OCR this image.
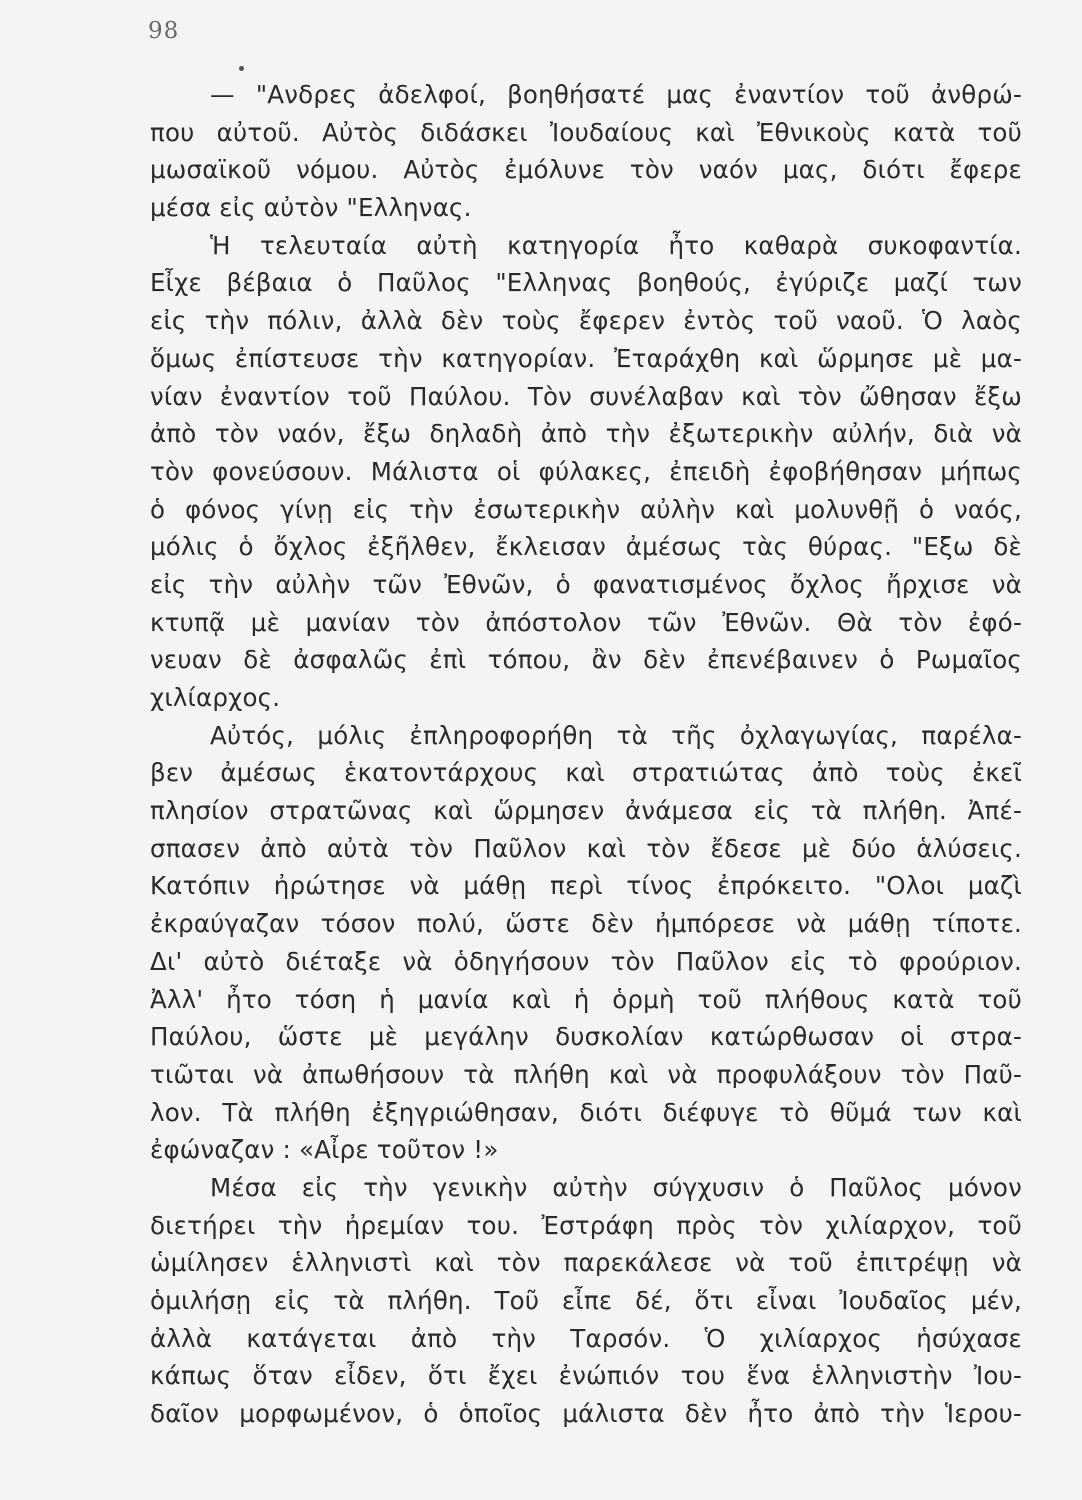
98
— "Ανδρες ἀδελφοί, βοηθήσατέ μας ἐναντίον τοῦ ἀνθρώ-
που αὐτοῦ. Αὐτὸς διδάσκει Ἰουδαίους καὶ Ἐθνικοὺς κατὰ τοῦ
μωσαϊκοῦ νόμου. Αὐτὸς ἐμόλυνε τὸν ναόν μας, διότι ἔφερε
μέσα εἰς αὐτὸν "Ελληνας.
Ἡ τελευταία αὐτὴ κατηγορία ἦτο καθαρὰ συκοφαντία.
Εἶχε βέβαια ὁ Παῦλος "Ελληνας βοηθούς, ἐγύριζε μαζί των
εἰς τὴν πόλιν, ἀλλὰ δὲν τοὺς ἔφερεν ἐντὸς τοῦ ναοῦ. Ὁ λαὸς
ὅμως ἐπίστευσε τὴν κατηγορίαν. Ἐταράχθη καὶ ὥρμησε μὲ μα-
νίαν ἐναντίον τοῦ Παύλου. Τὸν συνέλαβαν καὶ τὸν ὤθησαν ἔξω
ἀπὸ τὸν ναόν, ἔξω δηλαδὴ ἀπὸ τὴν ἐξωτερικὴν αὐλήν, διὰ νὰ
τὸν φονεύσουν. Μάλιστα οἱ φύλακες, ἐπειδὴ ἐφοβήθησαν μήπως
ὁ φόνος γίνῃ εἰς τὴν ἐσωτερικὴν αὐλὴν καὶ μολυνθῇ ὁ ναός,
μόλις ὁ ὄχλος ἐξῆλθεν, ἔκλεισαν ἀμέσως τὰς θύρας. "Εξω δὲ
εἰς τὴν αὐλὴν τῶν Ἐθνῶν, ὁ φανατισμένος ὄχλος ἤρχισε νὰ
κτυπᾷ μὲ μανίαν τὸν ἀπόστολον τῶν Ἐθνῶν. Θὰ τὸν ἐφό-
νευαν δὲ ἀσφαλῶς ἐπὶ τόπου, ἂν δὲν ἐπενέβαινεν ὁ Ρωμαῖος
χιλίαρχος.
Αὐτός, μόλις ἐπληροφορήθη τὰ τῆς ὀχλαγωγίας, παρέλα-
βεν ἀμέσως ἑκατοντάρχους καὶ στρατιώτας ἀπὸ τοὺς ἐκεῖ
πλησίον στρατῶνας καὶ ὥρμησεν ἀνάμεσα εἰς τὰ πλήθη. Ἀπέ-
σπασεν ἀπὸ αὐτὰ τὸν Παῦλον καὶ τὸν ἔδεσε μὲ δύο ἁλύσεις.
Κατόπιν ἠρώτησε νὰ μάθῃ περὶ τίνος ἐπρόκειτο. "Ολοι μαζὶ
ἐκραύγαζαν τόσον πολύ, ὥστε δὲν ἠμπόρεσε νὰ μάθῃ τίποτε.
Δι' αὐτὸ διέταξε νὰ ὁδηγήσουν τὸν Παῦλον εἰς τὸ φρούριον.
Ἀλλ' ἦτο τόση ἡ μανία καὶ ἡ ὁρμὴ τοῦ πλήθους κατὰ τοῦ
Παύλου, ὥστε μὲ μεγάλην δυσκολίαν κατώρθωσαν οἱ στρα-
τιῶται νὰ ἀπωθήσουν τὰ πλήθη καὶ νὰ προφυλάξουν τὸν Παῦ-
λον. Τὰ πλήθη ἐξηγριώθησαν, διότι διέφυγε τὸ θῦμά των καὶ
ἐφώναζαν : «Αἶρε τοῦτον !»
Μέσα εἰς τὴν γενικὴν αὐτὴν σύγχυσιν ὁ Παῦλος μόνον
διετήρει τὴν ἠρεμίαν του. Ἐστράφη πρὸς τὸν χιλίαρχον, τοῦ
ὡμίλησεν ἑλληνιστὶ καὶ τὸν παρεκάλεσε νὰ τοῦ ἐπιτρέψῃ νὰ
ὁμιλήσῃ εἰς τὰ πλήθη. Τοῦ εἶπε δέ, ὅτι εἶναι Ἰουδαῖος μέν,
ἀλλὰ κατάγεται ἀπὸ τὴν Ταρσόν. Ὁ χιλίαρχος ἡσύχασε
κάπως ὅταν εἶδεν, ὅτι ἔχει ἐνώπιόν του ἕνα ἑλληνιστὴν Ἰου-
δαῖον μορφωμένον, ὁ ὁποῖος μάλιστα δὲν ἦτο ἀπὸ τὴν Ἱερου-
